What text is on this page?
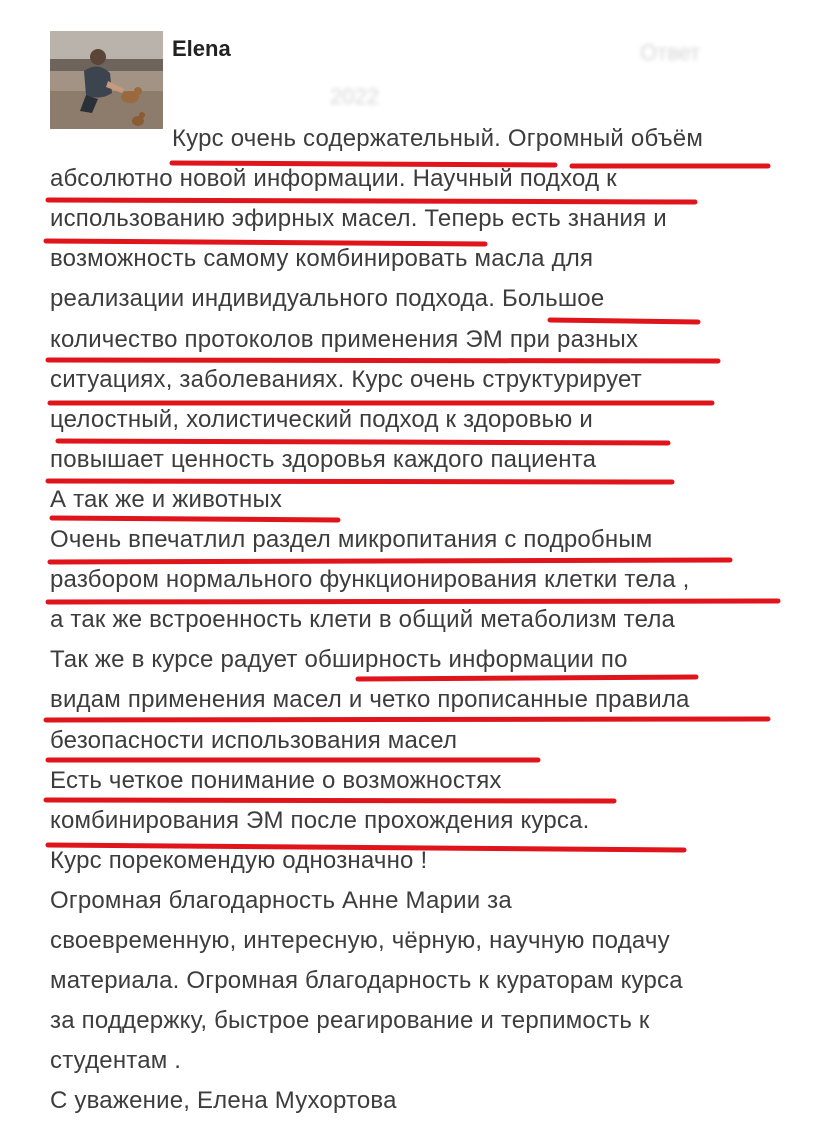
Elena	Ответ
2022
Курс очень содержательный. Огромный объём
абсолютно новой информации. Научный подход к
использованию эфирных масел. Теперь есть знания и
возможность самому комбинировать масла для
реализации индивидуального подхода. Большое
количество протоколов применения ЭМ при разных
ситуациях, заболеваниях. Курс очень структурирует
целостный, холистический подход к здоровью и
повышает ценность здоровья каждого пациента
А так же и животных
Очень впечатлил раздел микропитания с подробным
разбором нормального функционирования клетки тела ,
а так же встроенность клети в общий метаболизм тела
Так же в курсе радует обширность информации по
видам применения масел и четко прописанные правила
безопасности использования масел
Есть четкое понимание о возможностях
комбинирования ЭМ после прохождения курса.
Курс порекомендую однозначно !
Огромная благодарность Анне Марии за
своевременную, интересную, чёрную, научную подачу
материала. Огромная благодарность к кураторам курса
за поддержку, быстрое реагирование и терпимость к
студентам .
С уважение, Елена Мухортова
